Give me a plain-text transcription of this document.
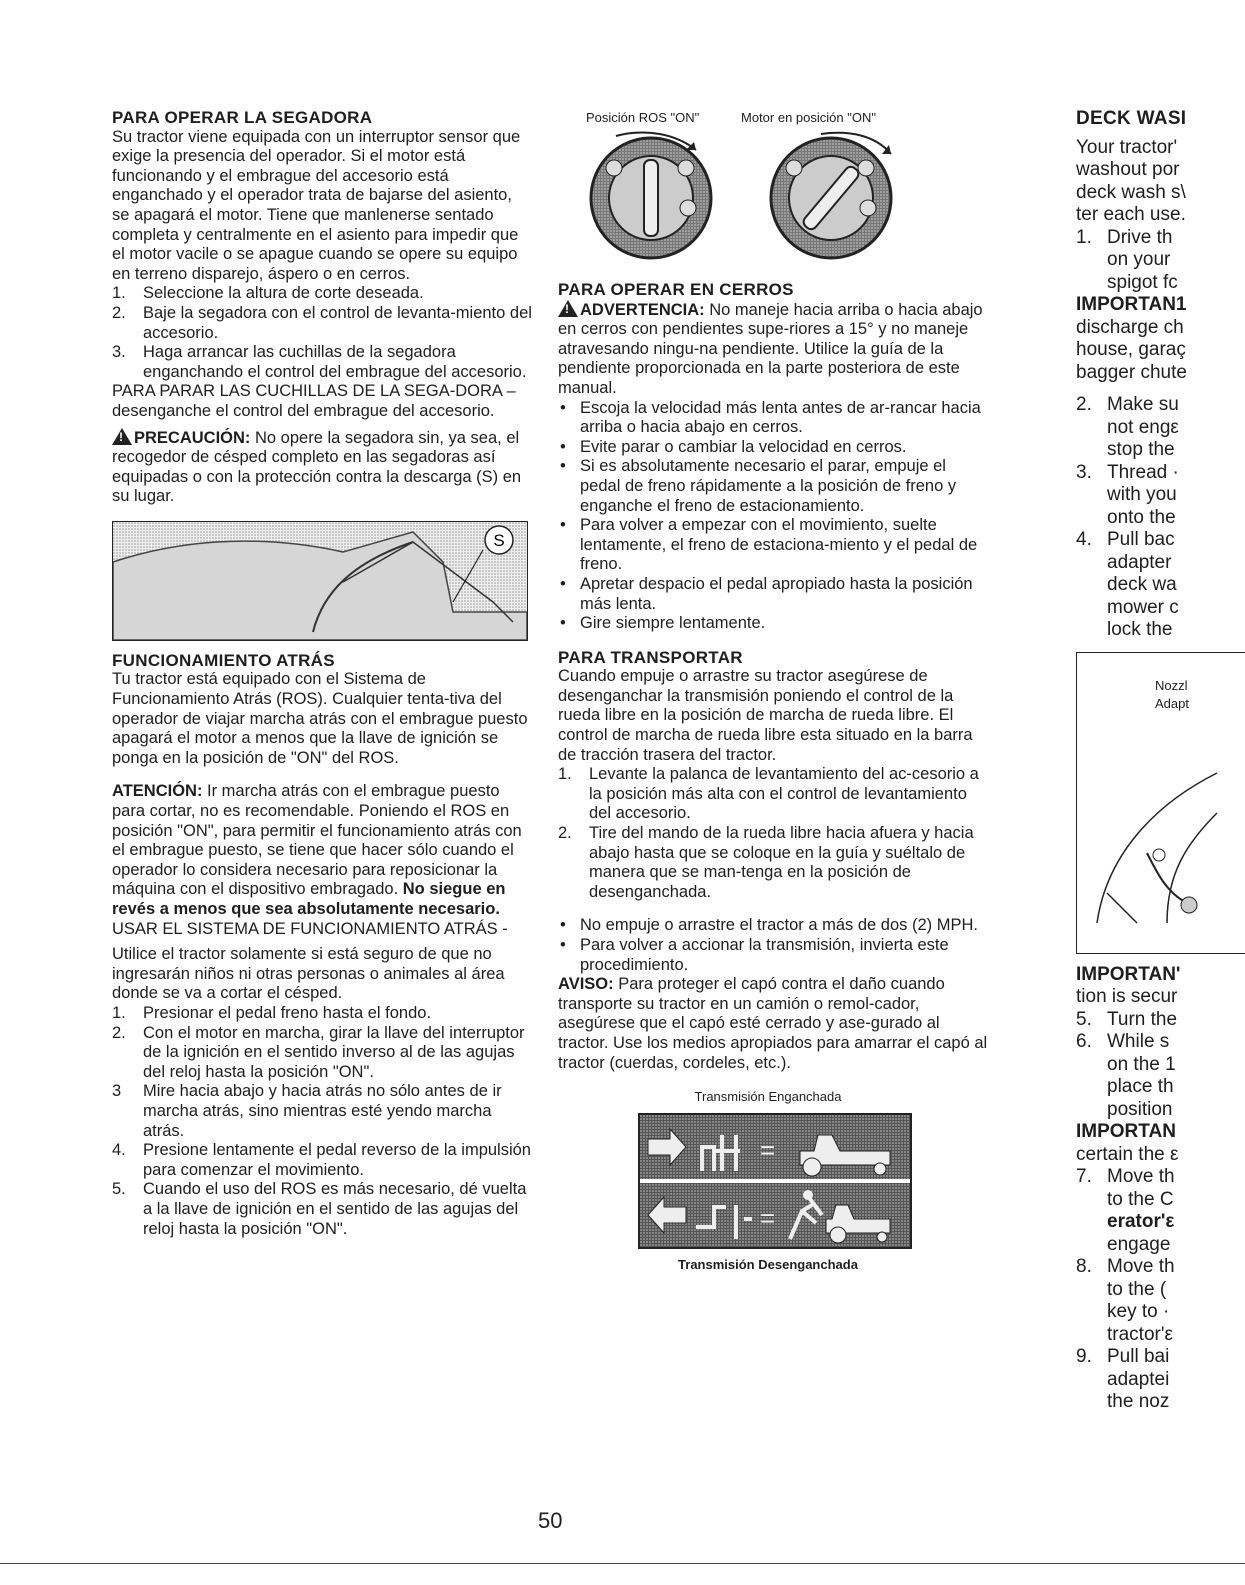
PARA OPERAR LA SEGADORA

Su tractor viene equipada con un interruptor sensor que exige la presencia del operador. Si el motor está funcionando y el embrague del accesorio está enganchado y el operador trata de bajarse del asiento, se apagará el motor. Tiene que manlenerse sentado completa y centralmente en el asiento para impedir que el motor vacile o se apague cuando se opere su equipo en terreno disparejo, áspero o en cerros.

1.	Seleccione la altura de corte deseada.
2.	Baje la segadora con el control de levanta-miento del accesorio.
3.	Haga arrancar las cuchillas de la segadora enganchando el control del embrague del accesorio.

PARA PARAR LAS CUCHILLAS DE LA SEGA-DORA – desenganche el control del embrague del accesorio.

!PRECAUCIÓN: No opere la segadora sin, ya sea, el recogedor de césped completo en las segadoras así equipadas o con la protección contra la descarga (S) en su lugar.

S

FUNCIONAMIENTO ATRÁS

Tu tractor está equipado con el Sistema de Funcionamiento Atrás (ROS). Cualquier tenta-tiva del operador de viajar marcha atrás con el embrague puesto apagará el motor a menos que la llave de ignición se ponga en la posición de "ON" del ROS.

ATENCIÓN: Ir marcha atrás con el embrague puesto para cortar, no es recomendable. Poniendo el ROS en posición "ON", para permitir el funcionamiento atrás con el embrague puesto, se tiene que hacer sólo cuando el operador lo considera necesario para reposicionar la máquina con el dispositivo embragado. No siegue en revés a menos que sea absolutamente necesario.

USAR EL SISTEMA DE FUNCIONAMIENTO ATRÁS -

Utilice el tractor solamente si está seguro de que no ingresarán niños ni otras personas o animales al área donde se va a cortar el césped.

1.	Presionar el pedal freno hasta el fondo.
2.	Con el motor en marcha, girar la llave del interruptor de la ignición en el sentido inverso al de las agujas del reloj hasta la posición "ON".
3	Mire hacia abajo y hacia atrás no sólo antes de ir marcha atrás, sino mientras esté yendo marcha atrás.
4.	Presione lentamente el pedal reverso de la impulsión para comenzar el movimiento.
5.	Cuando el uso del ROS es más necesario, dé vuelta a la llave de ignición en el sentido de las agujas del reloj hasta la posición "ON".
Posición ROS "ON"	Motor en posición "ON"

PARA OPERAR EN CERROS

!ADVERTENCIA: No maneje hacia arriba o hacia abajo en cerros con pendientes supe-riores a 15° y no maneje atravesando ningu-na pendiente. Utilice la guía de la pendiente proporcionada en la parte posteriora de este manual.

• Escoja la velocidad más lenta antes de ar-rancar hacia arriba o hacia abajo en cerros.
• Evite parar o cambiar la velocidad en cerros.
• Si es absolutamente necesario el parar, empuje el pedal de freno rápidamente a la posición de freno y enganche el freno de estacionamiento.
• Para volver a empezar con el movimiento, suelte lentamente, el freno de estaciona-miento y el pedal de freno.
• Apretar despacio el pedal apropiado hasta la posición más lenta.
• Gire siempre lentamente.

PARA TRANSPORTAR

Cuando empuje o arrastre su tractor asegúrese de desenganchar la transmisión poniendo el control de la rueda libre en la posición de marcha de rueda libre. El control de marcha de rueda libre esta situado en la barra de tracción trasera del tractor.

1.	Levante la palanca de levantamiento del ac-cesorio a la posición más alta con el control de levantamiento del accesorio.
2.	Tire del mando de la rueda libre hacia afuera y hacia abajo hasta que se coloque en la guía y suéltalo de manera que se man-tenga en la posición de desenganchada.
• No empuje o arrastre el tractor a más de dos (2) MPH.
• Para volver a accionar la transmisión, invierta este procedimiento.

AVISO: Para proteger el capó contra el daño cuando transporte su tractor en un camión o remol-cador, asegúrese que el capó esté cerrado y ase-gurado al tractor. Use los medios apropiados para amarrar el capó al tractor (cuerdas, cordeles, etc.).

Transmisión Enganchada

=
=

Transmisión Desenganchada

DECK WASI

Your tractor'

washout por

deck wash s\

ter each use.

1. Drive th
on your
spigot fc

IMPORTAN1

discharge ch

house, garaç

bagger chute

2. Make su
not engε
stop the
3. Thread ·
with you
onto the
4. Pull bac
adapter
deck wa
mower c
lock the
Nozzl
Adapt

IMPORTAN'

tion is secur

5. Turn the
6. While s
on the 1
place th
position

IMPORTAN

certain the ε

7. Move th
to the C
erator'ε
engage
8. Move th
to the (
key to ·
tractor'ε
9. Pull bai
adaptei
the noz
50
